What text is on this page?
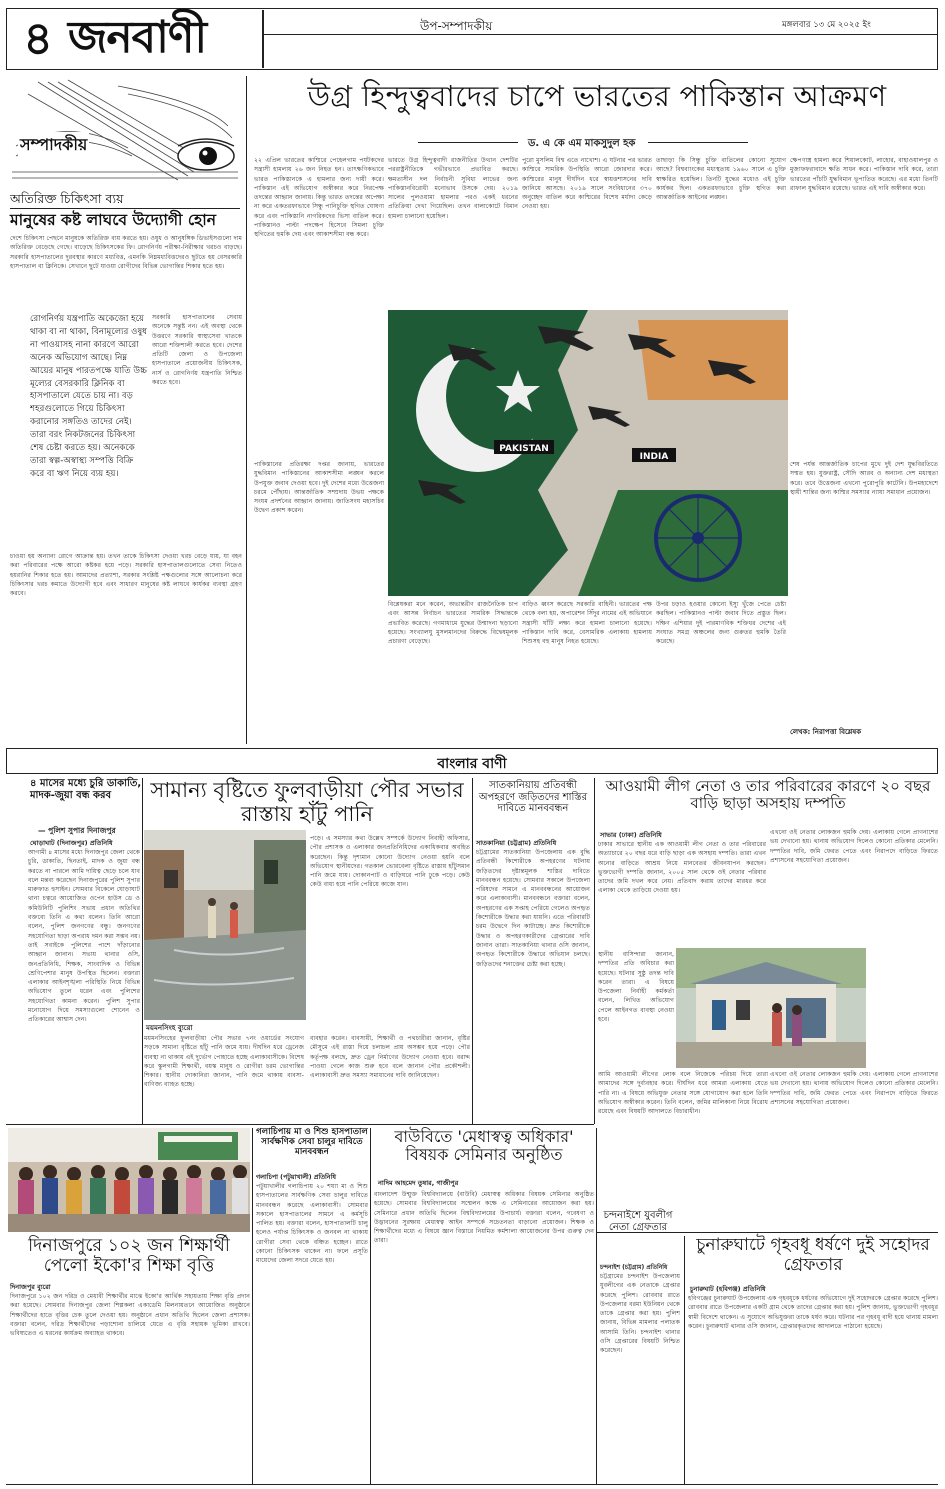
৪ জনবাণী	উপ-সম্পাদকীয়	মঙ্গলবার ১৩ মে ২০২৫ ইং
সম্পাদকীয়
অতিরিক্ত চিকিৎসা ব্যয়
মানুষের কষ্ট লাঘবে উদ্যোগী হোন
দেশে চিকিৎসা পেছনে মানুষকে অতিরিক্ত ব্যয় করতে হয়। ওষুধ ও আনুষঙ্গিক ডিভাইসগুলো দাম অতিরিক্ত বেড়েছে গেছে। বাড়েছে চিকিৎসকের ফি। রোগনির্ণয় পরীক্ষা-নিরীক্ষার খরচও বাড়ছে। সরকারি হাসপাতালের দুরবস্থার কারণে মধ্যবিত্ত, এমনকি নিম্নমধ্যবিত্তদেরও ছুটতে হয় বেসরকারি হাসপাতাল বা ক্লিনিকে। সেখানে ছুটে যাওয়া রোগীদের বিভিন্ন ভোগান্তির শিকার হতে হয়।
রোগনির্ণয় যন্ত্রপাতি অকেজো হয়ে থাকা বা না থাকা, বিনামূল্যের ওষুধ না পাওয়াসহ নানা কারণে আরো অনেক অভিযোগ আছে। নিম্ন আয়ের মানুষ পারতপক্ষে যাতি উচ্চ মূল্যের বেসরকারি ক্লিনিক বা হাসপাতালে যেতে চায় না। বড় শহরগুলোতে গিয়ে চিকিৎসা করানোর সঙ্গতিও তাদের নেই। তারা বরং নিকটজনের চিকিৎসা শেষ চেষ্টা করতে হয়। অনেককে তারা স্বল্প-অস্বাস্থ্য সম্পত্তি বিক্রি করে বা ঋণ নিয়ে ব্যয় হয়।
সরকারি হাসপাতালের সেবায় অনেকে সন্তুষ্ট নন। এই অবস্থা থেকে উত্তরণে সরকারি স্বাস্থ্যসেবা খাতকে আরো শক্তিশালী করতে হবে। দেশের প্রতিটি জেলা ও উপজেলা হাসপাতালে প্রয়োজনীয় চিকিৎসক, নার্স ও রোগনির্ণয় যন্ত্রপাতি নিশ্চিত করতে হবে।
চাওয়া হয় অন্যান্য রোগে আক্রান্ত হয়। তখন তাকে চিকিৎসা দেওয়া খরচ বেড়ে যায়, যা বহন করা পরিবারের পক্ষে আরো কষ্টকর হয়ে পড়ে। সরকারি হাসপাতালগুলোতে সেবা নিতেও হয়রানির শিকার হতে হয়। আমাদের প্রত্যাশা, সরকার সংশ্লিষ্ট পক্ষগুলোর সঙ্গে আলোচনা করে চিকিৎসার খরচ কমাতে উদ্যোগী হবে এবং সাধারণ মানুষের কষ্ট লাঘবে কার্যকর ব্যবস্থা গ্রহণ করবে।
উগ্র হিন্দুত্ববাদের চাপে ভারতের পাকিস্তান আক্রমণ
ড. এ কে এম মাকসুদুল হক
২২ এপ্রিল ভারতের কাশ্মিরে পেহেলগাম পর্যটকদের সন্ত্রাসী হামলায় ২৬ জন নিহত হন। তাৎক্ষণিকভাবে ভারত পাকিস্তানকে এ হামলার জন্য দায়ী করে। পাকিস্তান এই অভিযোগ অস্বীকার করে নিরপেক্ষ তদন্তের আহ্বান জানায়। কিন্তু ভারত তদন্তের অপেক্ষা না করে একতরফাভাবে সিন্ধু পানিচুক্তি স্থগিত ঘোষণা করে এবং পাকিস্তানি নাগরিকদের ভিসা বাতিল করে। পাকিস্তানও পাল্টা পদক্ষেপ হিসেবে সিমলা চুক্তি স্থগিতের হুমকি দেয় এবং আকাশসীমা বন্ধ করে।
পাকিস্তানের প্রতিরক্ষা দপ্তর জানায়, ভারতের যুদ্ধবিমান পাকিস্তানের আকাশসীমা লঙ্ঘন করলে উপযুক্ত জবাব দেওয়া হবে। দুই দেশের মধ্যে উত্তেজনা চরমে পৌঁছায়। আন্তর্জাতিক সম্প্রদায় উভয় পক্ষকে সংযম প্রদর্শনের আহ্বান জানায়। জাতিসংঘ মহাসচিব উদ্বেগ প্রকাশ করেন।
ভারতে উগ্র হিন্দুত্ববাদী রাজনীতির উত্থান দেশটির পররাষ্ট্রনীতিকে গভীরভাবে প্রভাবিত করছে। ক্ষমতাসীন দল নির্বাচনী সুবিধা লাভের জন্য পাকিস্তানবিরোধী মনোভাব উসকে দেয়। ২০১৯ সালের পুলওয়ামা হামলার পরও একই ধরনের প্রতিক্রিয়া দেখা গিয়েছিল। তখন বালাকোটে বিমান হামলা চালানো হয়েছিল।
বিশ্লেষকরা মনে করেন, অভ্যন্তরীণ রাজনৈতিক চাপ এবং আসন্ন নির্বাচন ভারতের সামরিক সিদ্ধান্তকে প্রভাবিত করেছে। গণমাধ্যমে যুদ্ধের উন্মাদনা ছড়ানো হয়েছে। সংখ্যালঘু মুসলমানদের বিরুদ্ধে বিদ্বেষমূলক প্রচারণা বেড়েছে।
পুরো মুসলিম বিশ্ব এতে নাখোশ। এ ঘটনার পর ভারত কাশ্মিরে সামরিক উপস্থিতি আরো জোরদার করে। কাশ্মিরের মানুষ দীর্ঘদিন ধরে স্বায়ত্তশাসনের দাবি জানিয়ে আসছে। ২০১৯ সালে সংবিধানের ৩৭০ অনুচ্ছেদ বাতিল করে কাশ্মিরের বিশেষ মর্যাদা কেড়ে নেওয়া হয়।
বাড়িও ধ্বংস করেছে সরকারি বাহিনী। ভারতের পক্ষ থেকে বলা হয়, অপারেশন সিঁদুর নামের এই অভিযানে সন্ত্রাসী ঘাঁটি লক্ষ্য করে হামলা চালানো হয়েছে। পাকিস্তান দাবি করে, বেসামরিক এলাকায় হামলায় শিশুসহ বহু মানুষ নিহত হয়েছে।
তাছাড়া কি সিন্ধু চুক্তি বাতিলের কোনো সুযোগ আছে? বিশ্বব্যাংকের মধ্যস্থতায় ১৯৬০ সালে এ চুক্তি স্বাক্ষরিত হয়েছিল। তিনটি যুদ্ধের মধ্যেও এই চুক্তি কার্যকর ছিল। একতরফাভাবে চুক্তি স্থগিত করা আন্তর্জাতিক আইনের লঙ্ঘন।
উপর চড়াও হওয়ার কোনো ইস্যু খুঁজে পেতে চেষ্টা করছিল। পাকিস্তানও পাল্টা জবাব দিতে প্রস্তুত ছিল। দক্ষিণ এশিয়ার দুই পারমাণবিক শক্তিধর দেশের এই সংঘাত সমগ্র অঞ্চলের জন্য গুরুতর হুমকি তৈরি করেছে।
ক্ষেপণাস্ত্র হামলা করে শিয়ালকোট, লাহোর, বাহাওয়ালপুর ও মুজাফফরাবাদে ক্ষতি সাধন করে। পাকিস্তান দাবি করে, তারা ভারতের পাঁচটি যুদ্ধবিমান ভূপাতিত করেছে। এর মধ্যে তিনটি রাফাল যুদ্ধবিমান রয়েছে। ভারত এই দাবি অস্বীকার করে।
শেষ পর্যন্ত আন্তর্জাতিক চাপের মুখে দুই দেশ যুদ্ধবিরতিতে সম্মত হয়। যুক্তরাষ্ট্র, সৌদি আরব ও অন্যান্য দেশ মধ্যস্থতা করে। তবে উত্তেজনা এখনো পুরোপুরি কাটেনি। উপমহাদেশে স্থায়ী শান্তির জন্য কাশ্মির সমস্যার ন্যায্য সমাধান প্রয়োজন।
লেখক: নিরাপত্তা বিশ্লেষক
PAKISTAN
INDIA
বাংলার বাণী
৪ মাসের মধ্যে চুরি ডাকাতি, মাদক-জুয়া বন্ধ করব
— পুলিশ সুপার দিনাজপুর
ঘোড়াঘাট (দিনাজপুর) প্রতিনিধি
আগামী ৪ মাসের মধ্যে দিনাজপুর জেলা থেকে চুরি, ডাকাতি, ছিনতাই, মাদক ও জুয়া বন্ধ করতে না পারলে আমি দায়িত্ব ছেড়ে চলে যাব বলে মন্তব্য করেছেন দিনাজপুরের পুলিশ সুপার মারুফাত হুসাইন। সোমবার বিকেলে ঘোড়াঘাট থানা চত্বরে আয়োজিত ওপেন হাউস ডে ও কমিউনিটি পুলিশিং সভায় প্রধান অতিথির বক্তব্যে তিনি এ কথা বলেন। তিনি আরো বলেন, পুলিশ জনগণের বন্ধু। জনগণের সহযোগিতা ছাড়া অপরাধ দমন করা সম্ভব নয়। তাই সবাইকে পুলিশের পাশে দাঁড়ানোর আহ্বান জানান। সভায় থানার ওসি, জনপ্রতিনিধি, শিক্ষক, সাংবাদিক ও বিভিন্ন শ্রেণিপেশার মানুষ উপস্থিত ছিলেন। বক্তারা এলাকার আইনশৃঙ্খলা পরিস্থিতি নিয়ে বিভিন্ন অভিযোগ তুলে ধরেন এবং পুলিশের সহযোগিতা কামনা করেন। পুলিশ সুপার মনোযোগ দিয়ে সমস্যাগুলো শোনেন ও প্রতিকারের আশ্বাস দেন।
সামান্য বৃষ্টিতে ফুলবাড়ীয়া পৌর সভার রাস্তায় হাঁটু পানি
ময়মনসিংহ ব্যুরো
পড়ে। এ সমস্যার কথা উল্লেখ সম্পর্কে উদ্যোগ নিবাহী অফিসার, পৌর প্রশাসক ও এলাকার জনপ্রতিনিধিদের একাধিকবার অবহিত করেছেন। কিন্তু দৃশ্যমান কোনো উদ্যোগ নেওয়া হয়নি বলে অভিযোগ স্থানীয়দের। গতকাল ভোরবেলা বৃষ্টিতে রাস্তায় হাঁটুসমান পানি জমে যায়। দোকানপাট ও বাড়িঘরে পানি ঢুকে পড়ে। কেউ কেউ বাধ্য হয়ে পানি পেরিয়ে কাজে যান।
ময়মনসিংহের ফুলবাড়ীয়া পৌর সভার ৭নং ওয়ার্ডের সংযোগ সড়কে সামান্য বৃষ্টিতে হাঁটু পানি জমে যায়। দীর্ঘদিন ধরে ড্রেনেজ ব্যবস্থা না থাকায় এই দুর্ভোগ পোহাতে হচ্ছে এলাকাবাসীকে। বিশেষ করে স্কুলগামী শিক্ষার্থী, বয়স্ক মানুষ ও রোগীরা চরম ভোগান্তির শিকার। স্থানীয় দোকানিরা জানান, পানি জমে থাকায় ব্যবসা-বাণিজ্য ব্যাহত হচ্ছে।
ব্যবহার করেন। ব্যবসায়ী, শিক্ষার্থী ও পথচারীরা জানান, বৃষ্টির মৌসুমে এই রাস্তা দিয়ে চলাচল প্রায় অসম্ভব হয়ে পড়ে। পৌর কর্তৃপক্ষ বলছে, দ্রুত ড্রেন নির্মাণের উদ্যোগ নেওয়া হবে। বরাদ্দ পাওয়া গেলে কাজ শুরু হবে বলে জানান পৌর প্রকৌশলী। এলাকাবাসী দ্রুত সমস্যা সমাধানের দাবি জানিয়েছেন।
সাতকানিয়ায় প্রতিবন্ধী অপহরণে জড়িতদের শাস্তির দাবিতে মানববন্ধন
সাতকানিয়া (চট্টগ্রাম) প্রতিনিধি
চট্টগ্রামের সাতকানিয়া উপজেলায় এক বুদ্ধি প্রতিবন্ধী কিশোরীকে অপহরণের ঘটনায় জড়িতদের দৃষ্টান্তমূলক শাস্তির দাবিতে মানববন্ধন হয়েছে। সোমবার সকালে উপজেলা পরিষদের সামনে এ মানববন্ধনের আয়োজন করে এলাকাবাসী। মানববন্ধনে বক্তারা বলেন, অপহরণের এক সপ্তাহ পেরিয়ে গেলেও অপহৃত কিশোরীকে উদ্ধার করা যায়নি। এতে পরিবারটি চরম উদ্বেগে দিন কাটাচ্ছে। দ্রুত কিশোরীকে উদ্ধার ও অপহরণকারীদের গ্রেপ্তারের দাবি জানান তারা। সাতকানিয়া থানার ওসি জানান, অপহৃত কিশোরীকে উদ্ধারে অভিযান চলছে। জড়িতদের শনাক্তের চেষ্টা করা হচ্ছে।
আওয়ামী লীগ নেতা ও তার পরিবারের কারণে ২০ বছর বাড়ি ছাড়া অসহায় দম্পতি
সাভার (ঢাকা) প্রতিনিধি
ঢাকার সাভারে স্থানীয় এক আওয়ামী লীগ নেতা ও তার পরিবারের অত্যাচারে ২০ বছর ধরে বাড়ি ছাড়া এক অসহায় দম্পতি। তারা এখন অন্যের বাড়িতে আশ্রয় নিয়ে মানবেতর জীবনযাপন করছেন। ভুক্তভোগী দম্পতি জানান, ২০০৫ সাল থেকে ওই নেতার পরিবার তাদের জমি দখল করে নেয়। প্রতিবাদ করায় তাদের মারধর করে এলাকা থেকে তাড়িয়ে দেওয়া হয়।
এখনো ওই নেতার লোকজন হুমকি দেয়। এলাকায় গেলে প্রাণনাশের ভয় দেখানো হয়। থানায় অভিযোগ দিলেও কোনো প্রতিকার মেলেনি। দম্পতির দাবি, জমি ফেরত পেতে এবং নিরাপদে বাড়িতে ফিরতে প্রশাসনের সহযোগিতা প্রয়োজন।
স্থানীয় বাসিন্দারা জানান, দম্পতির প্রতি অবিচার করা হয়েছে। ঘটনার সুষ্ঠু তদন্ত দাবি করেন তারা। এ বিষয়ে উপজেলা নির্বাহী কর্মকর্তা বলেন, লিখিত অভিযোগ পেলে আইনগত ব্যবস্থা নেওয়া হবে।
আমি আওয়ামী লীগের লোক বলে নিজেকে পরিচয় দিয়ে তারা আমাদের সঙ্গে দুর্ব্যবহার করে। দীর্ঘদিন ধরে আমরা এলাকায় যেতে পারি না। এ বিষয়ে অভিযুক্ত নেতার সঙ্গে যোগাযোগ করা হলে তিনি অভিযোগ অস্বীকার করেন। তিনি বলেন, জমির মালিকানা নিয়ে বিরোধ রয়েছে এবং বিষয়টি আদালতে বিচারাধীন।
এখনো ওই নেতার লোকজন হুমকি দেয়। এলাকায় গেলে প্রাণনাশের ভয় দেখানো হয়। থানায় অভিযোগ দিলেও কোনো প্রতিকার মেলেনি। দম্পতির দাবি, জমি ফেরত পেতে এবং নিরাপদে বাড়িতে ফিরতে প্রশাসনের সহযোগিতা প্রয়োজন।
দিনাজপুরে ১০২ জন শিক্ষার্থী পেলো ইকো'র শিক্ষা বৃত্তি
দিনাজপুর ব্যুরো
দিনাজপুরে ১০২ জন দরিদ্র ও মেধাবী শিক্ষার্থীর মাঝে ইকো'র আর্থিক সহায়তায় শিক্ষা বৃত্তি প্রদান করা হয়েছে। সোমবার দিনাজপুর জেলা শিল্পকলা একাডেমি মিলনায়তনে আয়োজিত অনুষ্ঠানে শিক্ষার্থীদের হাতে বৃত্তির চেক তুলে দেওয়া হয়। অনুষ্ঠানে প্রধান অতিথি ছিলেন জেলা প্রশাসক। বক্তারা বলেন, দরিদ্র শিক্ষার্থীদের পড়াশোনা চালিয়ে যেতে এ বৃত্তি সহায়ক ভূমিকা রাখবে। ভবিষ্যতেও এ ধরনের কার্যক্রম অব্যাহত থাকবে।
গলাচিপায় মা ও শিশু হাসপাতাল সার্বক্ষণিক সেবা চালুর দাবিতে মানববন্ধন
গলাচিপা (পটুয়াখালী) প্রতিনিধি
পটুয়াখালীর গলাচিপায় ২০ শয্যা মা ও শিশু হাসপাতালের সার্বক্ষণিক সেবা চালুর দাবিতে মানববন্ধন করেছে এলাকাবাসী। সোমবার সকালে হাসপাতালের সামনে এ কর্মসূচি পালিত হয়। বক্তারা বলেন, হাসপাতালটি চালু হলেও পর্যাপ্ত চিকিৎসক ও জনবল না থাকায় রোগীরা সেবা থেকে বঞ্চিত হচ্ছেন। রাতে কোনো চিকিৎসক থাকেন না। ফলে প্রসূতি মায়েদের জেলা সদরে যেতে হয়।
বাউবিতে 'মেধাস্বত্ব অধিকার' বিষয়ক সেমিনার অনুষ্ঠিত
নাদিম আহমেদ তুষার, গাজীপুর
বাংলাদেশ উন্মুক্ত বিশ্ববিদ্যালয়ে (বাউবি) মেধাস্বত্ব অধিকার বিষয়ক সেমিনার অনুষ্ঠিত হয়েছে। সোমবার বিশ্ববিদ্যালয়ের সম্মেলন কক্ষে এ সেমিনারের আয়োজন করা হয়। সেমিনারে প্রধান অতিথি ছিলেন বিশ্ববিদ্যালয়ের উপাচার্য। বক্তারা বলেন, গবেষণা ও উদ্ভাবনের সুরক্ষায় মেধাস্বত্ব আইন সম্পর্কে সচেতনতা বাড়ানো প্রয়োজন। শিক্ষক ও শিক্ষার্থীদের মধ্যে এ বিষয়ে জ্ঞান বিস্তারে নিয়মিত কর্মশালা আয়োজনের উপর গুরুত্ব দেন তারা।
চন্দনাইশে যুবলীগ নেতা গ্রেফতার
চন্দনাইশ (চট্টগ্রাম) প্রতিনিধি
চট্টগ্রামের চন্দনাইশ উপজেলায় যুবলীগের এক নেতাকে গ্রেপ্তার করেছে পুলিশ। রোববার রাতে উপজেলার বরমা ইউনিয়ন থেকে তাকে গ্রেপ্তার করা হয়। পুলিশ জানায়, বিভিন্ন মামলার পলাতক আসামি তিনি। চন্দনাইশ থানার ওসি গ্রেপ্তারের বিষয়টি নিশ্চিত করেছেন।
চুনারুঘাটে গৃহবধূ ধর্ষণে দুই সহোদর গ্রেফতার
চুনারুঘাট (হবিগঞ্জ) প্রতিনিধি
হবিগঞ্জের চুনারুঘাট উপজেলায় এক গৃহবধূকে ধর্ষণের অভিযোগে দুই সহোদরকে গ্রেপ্তার করেছে পুলিশ। রোববার রাতে উপজেলার একটি গ্রাম থেকে তাদের গ্রেপ্তার করা হয়। পুলিশ জানায়, ভুক্তভোগী গৃহবধূর স্বামী বিদেশে থাকেন। এ সুযোগে অভিযুক্তরা তাকে ধর্ষণ করে। ঘটনার পর গৃহবধূ বাদী হয়ে থানায় মামলা করেন। চুনারুঘাট থানার ওসি জানান, গ্রেপ্তারকৃতদের আদালতে পাঠানো হয়েছে।
